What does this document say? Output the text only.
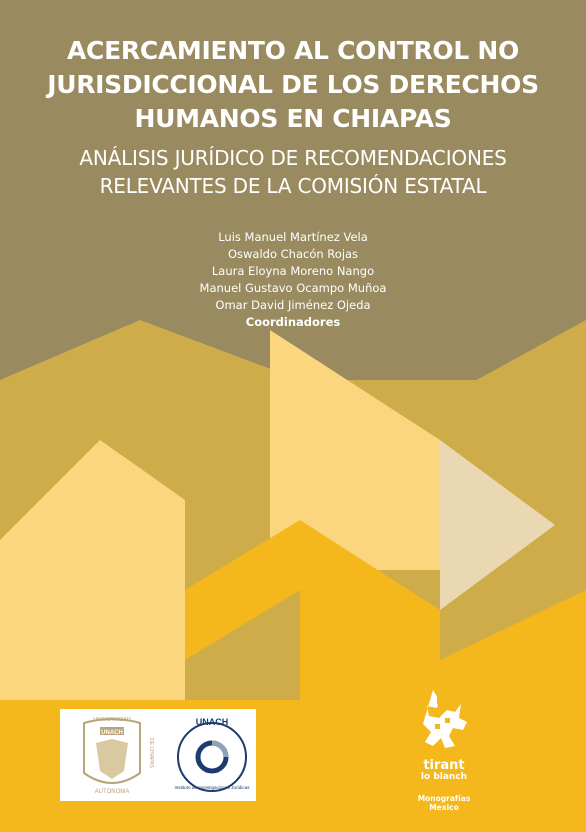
ACERCAMIENTO AL CONTROL NO
JURISDICCIONAL DE LOS DERECHOS
HUMANOS EN CHIAPAS
ANÁLISIS JURÍDICO DE RECOMENDACIONES
RELEVANTES DE LA COMISIÓN ESTATAL
Luis Manuel Martínez Vela
Oswaldo Chacón Rojas
Laura Eloyna Moreno Nango
Manuel Gustavo Ocampo Muñoa
Omar David Jiménez Ojeda
Coordinadores
UNACH
UNIVERSIDAD
AUTONOMA
DE CHIAPAS
UNACH
Instituto de Investigaciones Jurídicas
tirant
lo blanch
Monografías
Mexico
